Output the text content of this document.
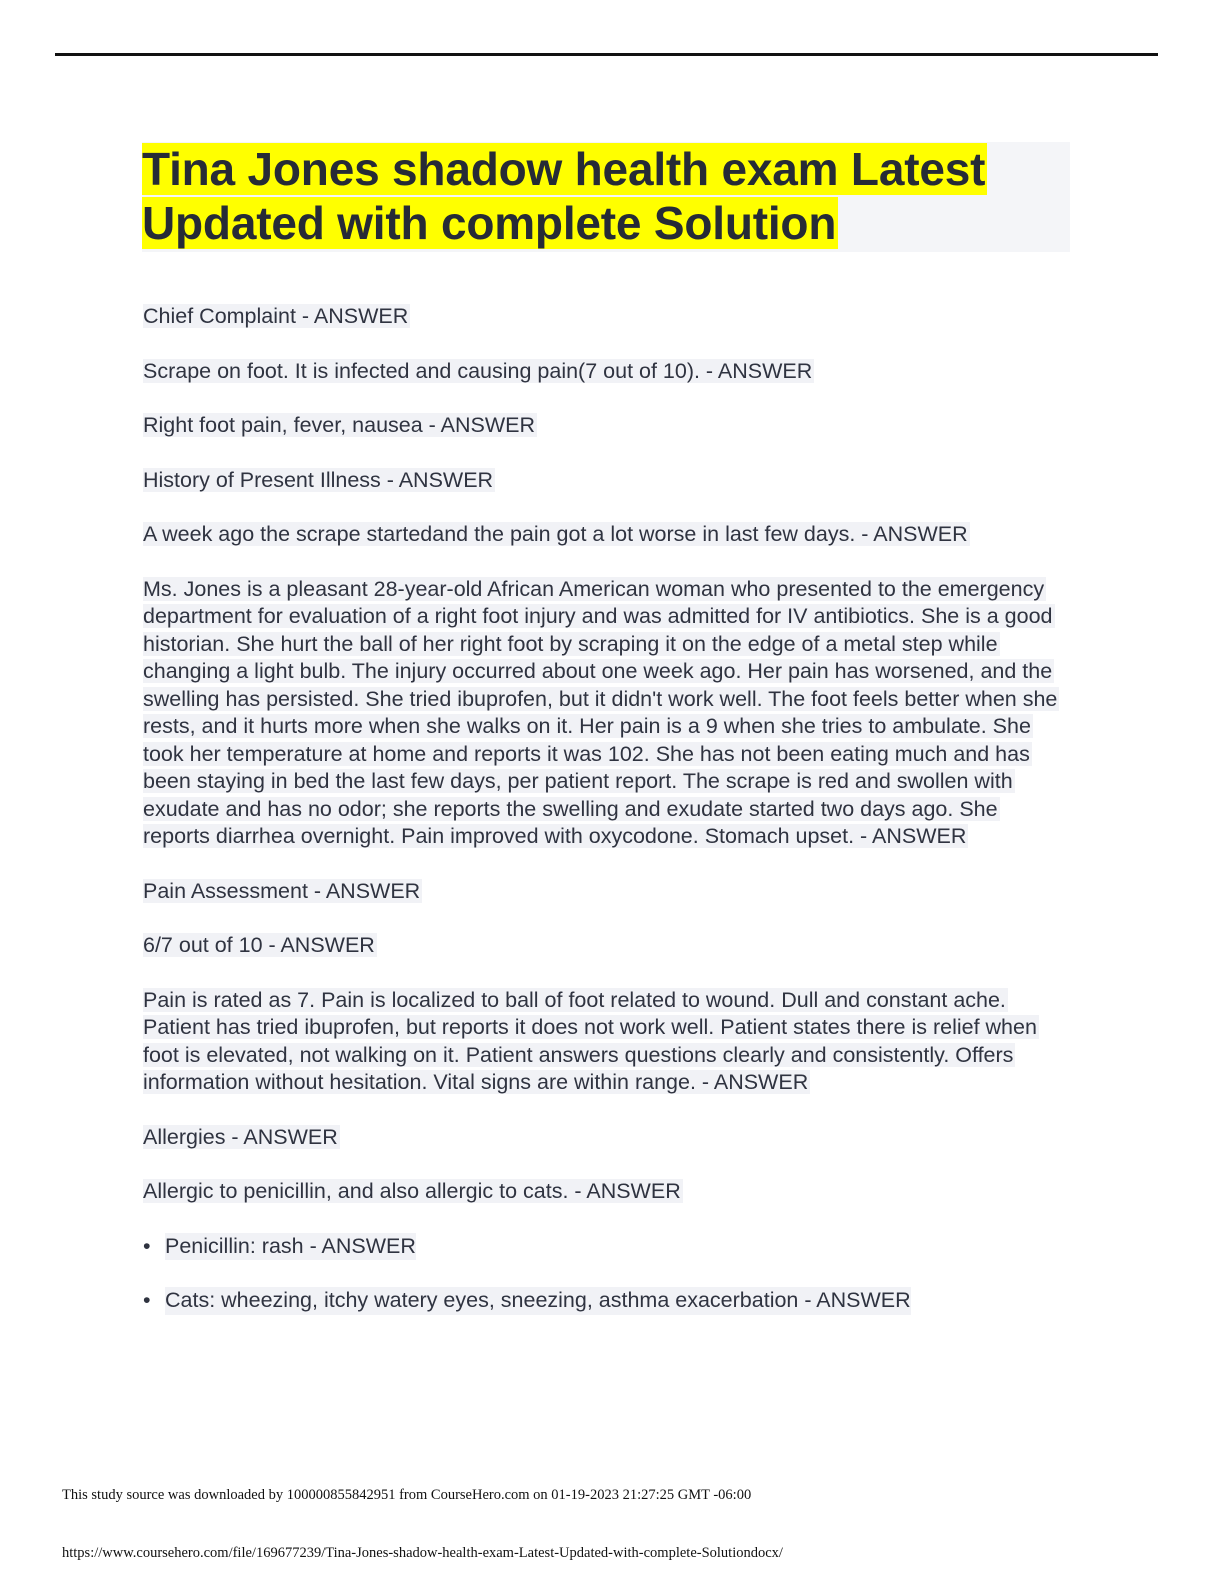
Tina Jones shadow health exam Latest Updated with complete Solution

Chief Complaint - ANSWER

Scrape on foot. It is infected and causing pain(7 out of 10). - ANSWER

Right foot pain, fever, nausea - ANSWER

History of Present Illness - ANSWER

A week ago the scrape startedand the pain got a lot worse in last few days. - ANSWER

Ms. Jones is a pleasant 28-year-old African American woman who presented to the emergency department for evaluation of a right foot injury and was admitted for IV antibiotics. She is a good historian. She hurt the ball of her right foot by scraping it on the edge of a metal step while changing a light bulb. The injury occurred about one week ago. Her pain has worsened, and the swelling has persisted. She tried ibuprofen, but it didn't work well. The foot feels better when she rests, and it hurts more when she walks on it. Her pain is a 9 when she tries to ambulate. She took her temperature at home and reports it was 102. She has not been eating much and has been staying in bed the last few days, per patient report. The scrape is red and swollen with exudate and has no odor; she reports the swelling and exudate started two days ago. She reports diarrhea overnight. Pain improved with oxycodone. Stomach upset. - ANSWER

Pain Assessment - ANSWER

6/7 out of 10 - ANSWER

Pain is rated as 7. Pain is localized to ball of foot related to wound. Dull and constant ache. Patient has tried ibuprofen, but reports it does not work well. Patient states there is relief when foot is elevated, not walking on it. Patient answers questions clearly and consistently. Offers information without hesitation. Vital signs are within range. - ANSWER

Allergies - ANSWER

Allergic to penicillin, and also allergic to cats. - ANSWER

• Penicillin: rash - ANSWER
• Cats: wheezing, itchy watery eyes, sneezing, asthma exacerbation - ANSWER
This study source was downloaded by 100000855842951 from CourseHero.com on 01-19-2023 21:27:25 GMT -06:00
https://www.coursehero.com/file/169677239/Tina-Jones-shadow-health-exam-Latest-Updated-with-complete-Solutiondocx/
